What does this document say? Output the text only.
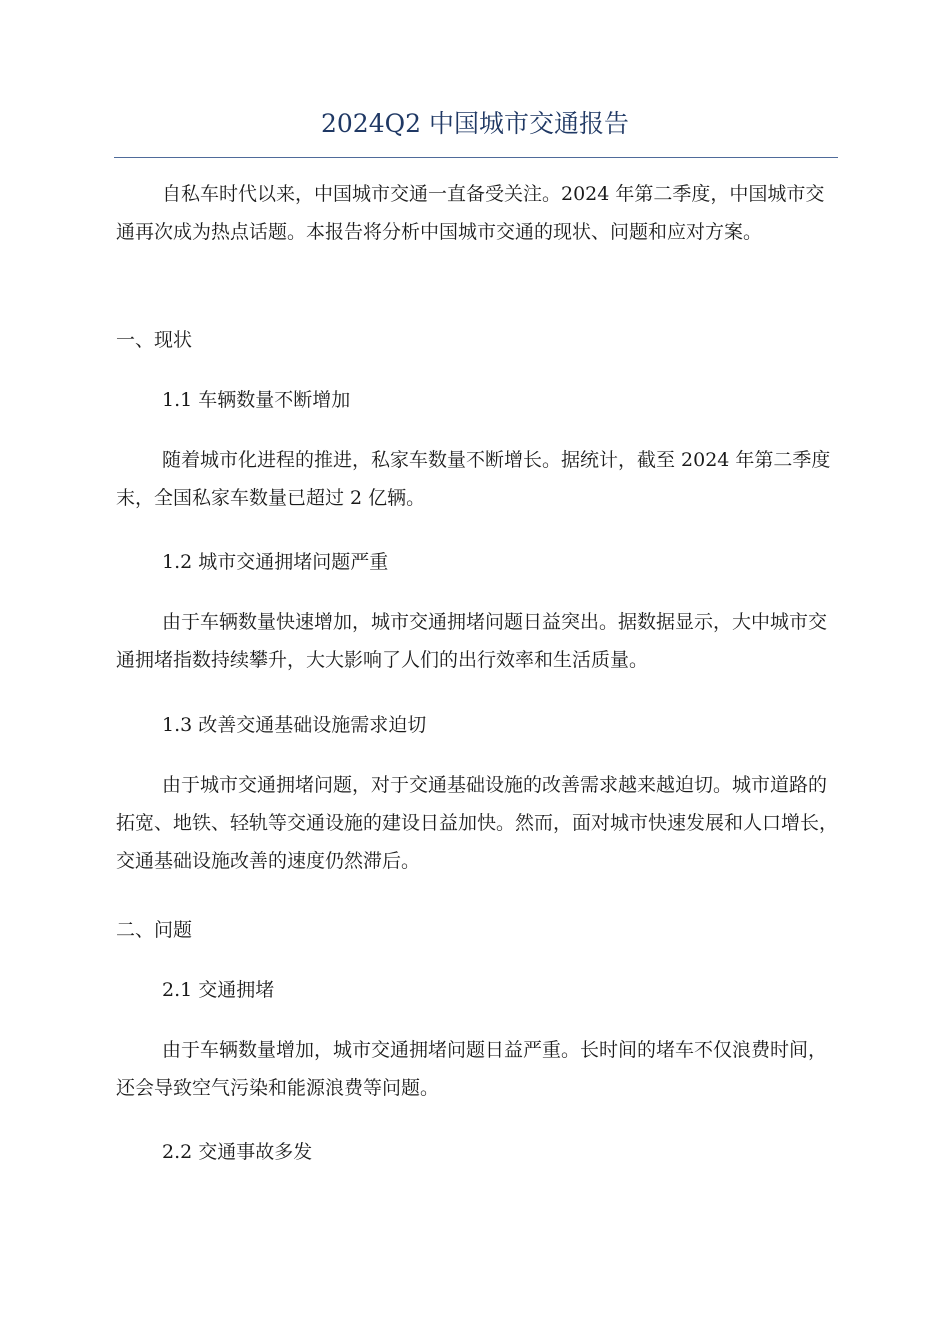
2024Q2 中国城市交通报告

自私车时代以来，中国城市交通一直备受关注。2024 年第二季度，中国城市交通再次成为热点话题。本报告将分析中国城市交通的现状、问题和应对方案。

一、现状

1.1 车辆数量不断增加

随着城市化进程的推进，私家车数量不断增长。据统计，截至 2024 年第二季度末，全国私家车数量已超过 2 亿辆。

1.2 城市交通拥堵问题严重

由于车辆数量快速增加，城市交通拥堵问题日益突出。据数据显示，大中城市交通拥堵指数持续攀升，大大影响了人们的出行效率和生活质量。

1.3 改善交通基础设施需求迫切

由于城市交通拥堵问题，对于交通基础设施的改善需求越来越迫切。城市道路的拓宽、地铁、轻轨等交通设施的建设日益加快。然而，面对城市快速发展和人口增长，交通基础设施改善的速度仍然滞后。

二、问题

2.1 交通拥堵

由于车辆数量增加，城市交通拥堵问题日益严重。长时间的堵车不仅浪费时间，还会导致空气污染和能源浪费等问题。

2.2 交通事故多发
